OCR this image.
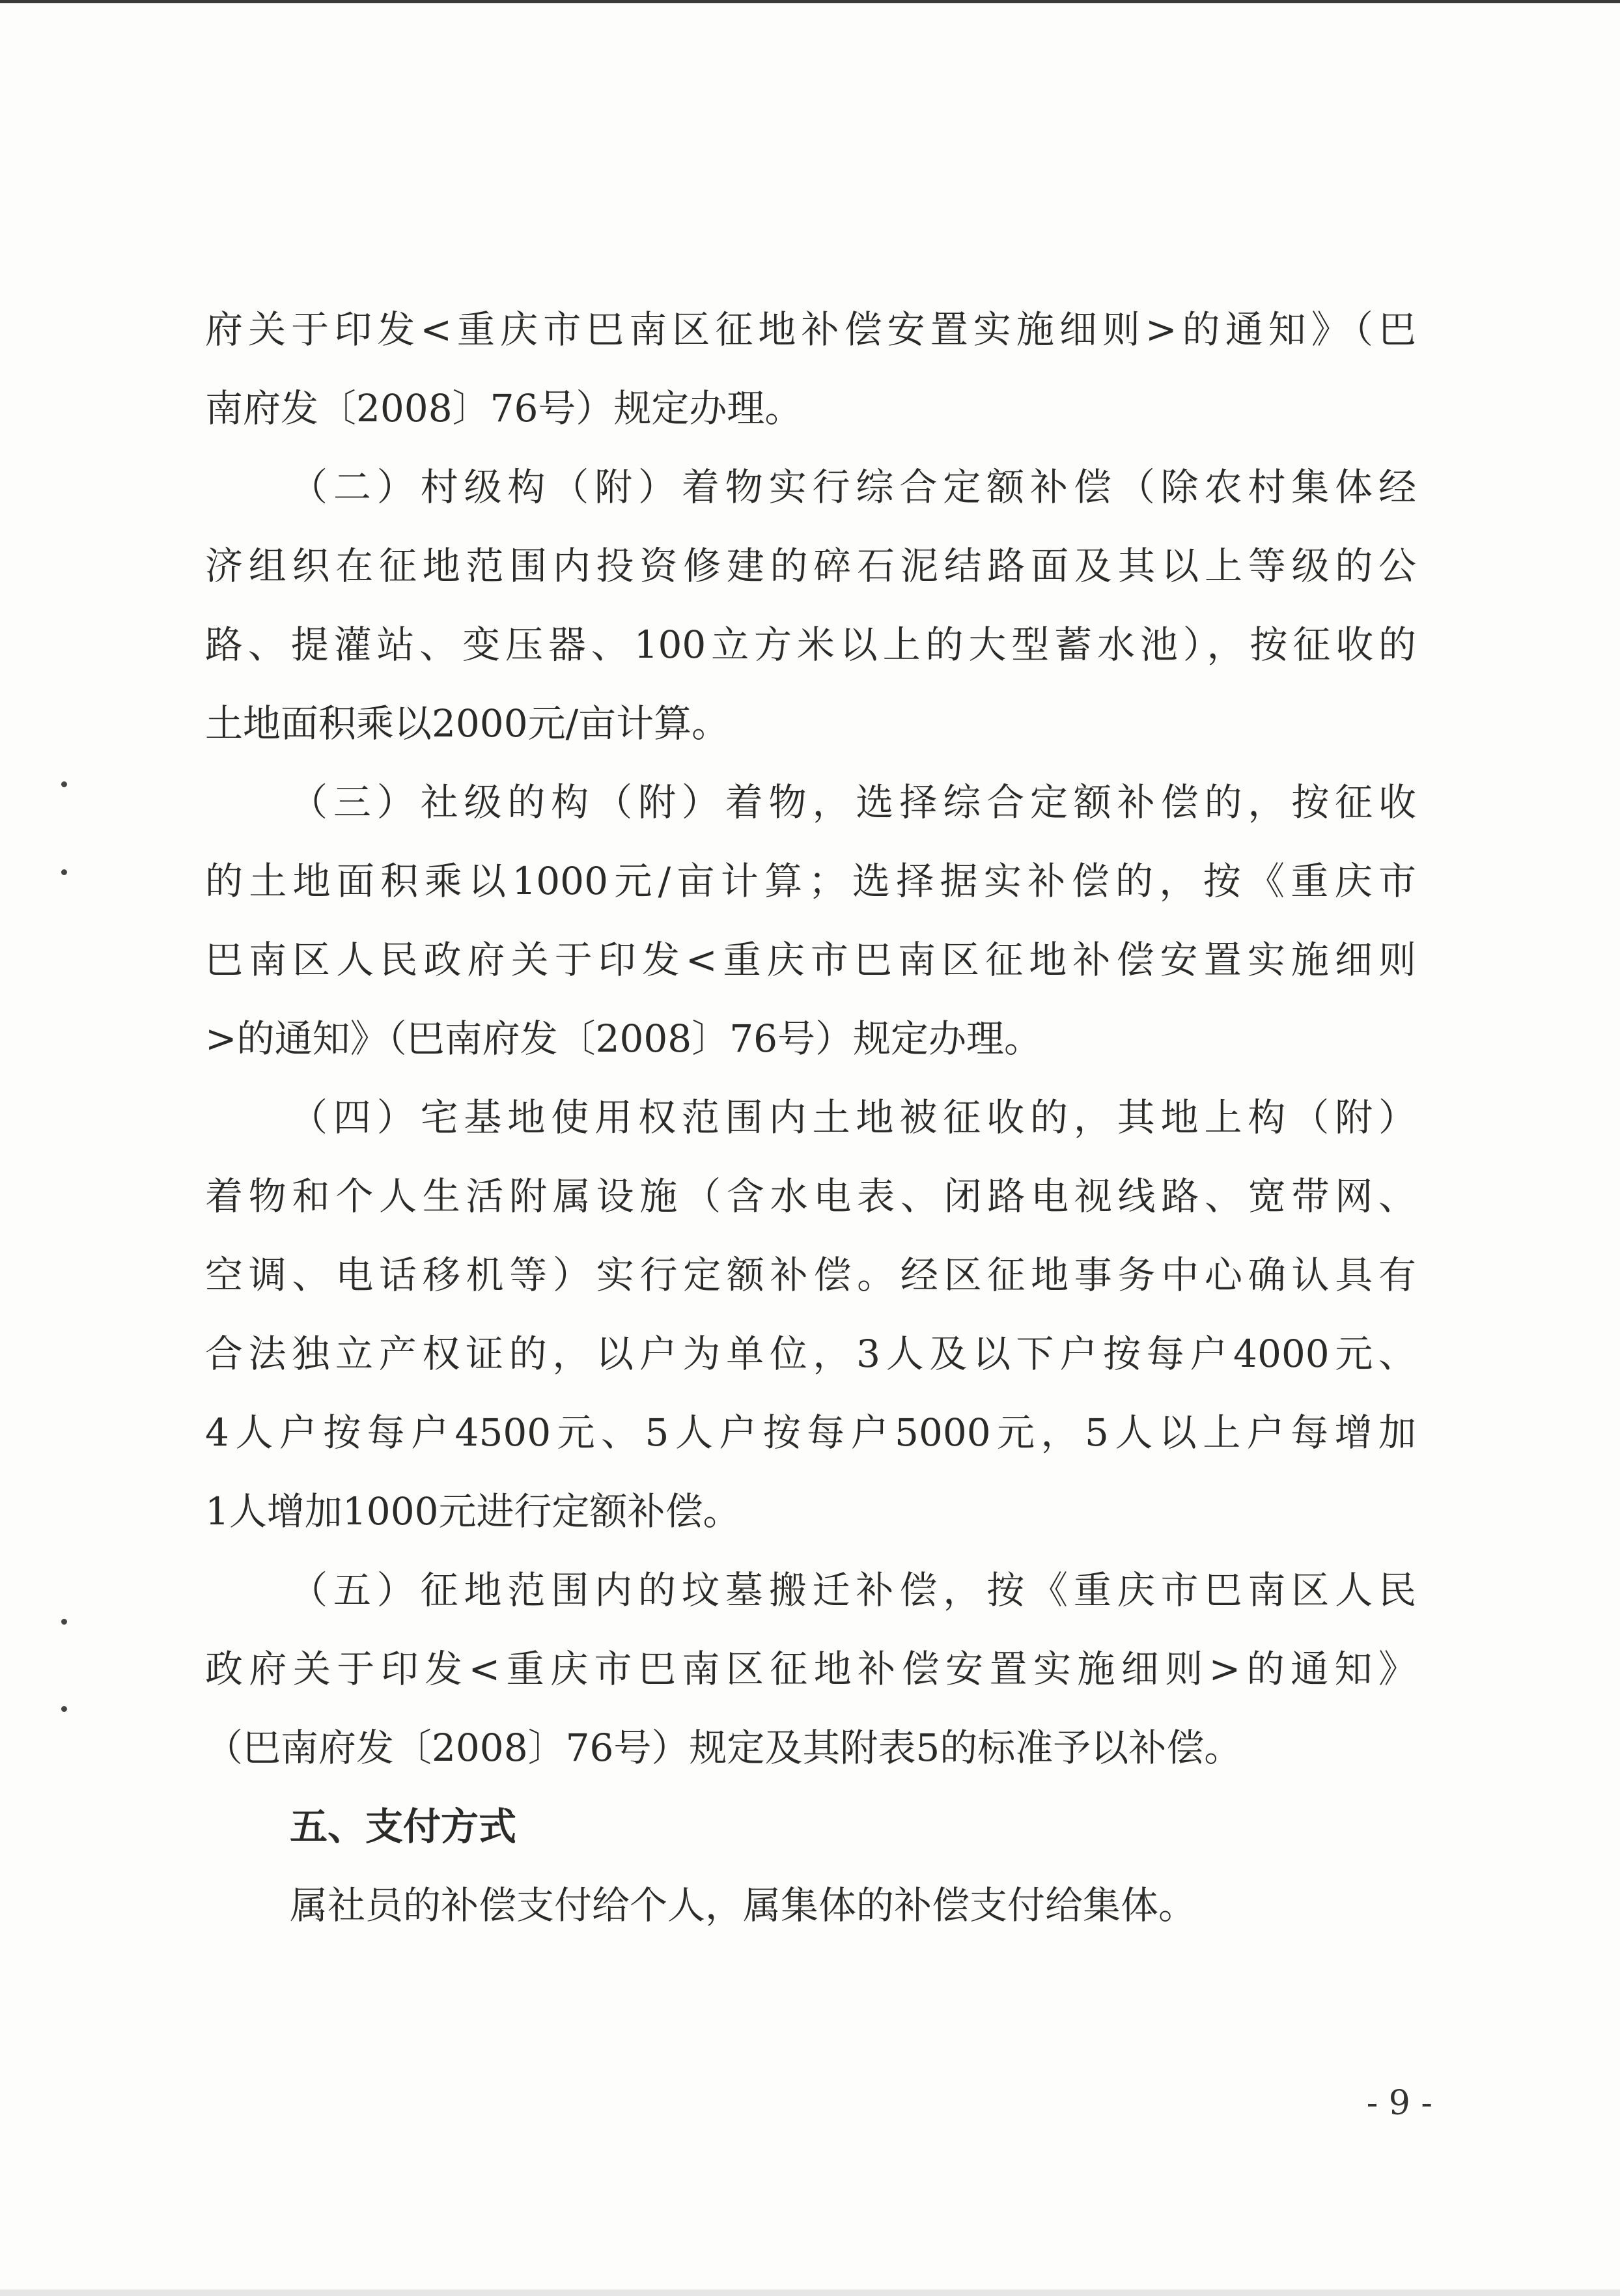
府关于印发<重庆市巴南区征地补偿安置实施细则>的通知》（巴
南府发〔2008〕76号）规定办理。
（二）村级构（附）着物实行综合定额补偿（除农村集体经
济组织在征地范围内投资修建的碎石泥结路面及其以上等级的公
路、提灌站、变压器、100立方米以上的大型蓄水池），按征收的
土地面积乘以2000元/亩计算。
（三）社级的构（附）着物，选择综合定额补偿的，按征收
的土地面积乘以1000元/亩计算；选择据实补偿的，按《重庆市
巴南区人民政府关于印发<重庆市巴南区征地补偿安置实施细则
>的通知》（巴南府发〔2008〕76号）规定办理。
（四）宅基地使用权范围内土地被征收的，其地上构（附）
着物和个人生活附属设施（含水电表、闭路电视线路、宽带网、
空调、电话移机等）实行定额补偿。经区征地事务中心确认具有
合法独立产权证的，以户为单位，3人及以下户按每户4000元、
4人户按每户4500元、5人户按每户5000元，5人以上户每增加
1人增加1000元进行定额补偿。
（五）征地范围内的坟墓搬迁补偿，按《重庆市巴南区人民
政府关于印发<重庆市巴南区征地补偿安置实施细则>的通知》
（巴南府发〔2008〕76号）规定及其附表5的标准予以补偿。
五、支付方式
属社员的补偿支付给个人，属集体的补偿支付给集体。
- 9 -
